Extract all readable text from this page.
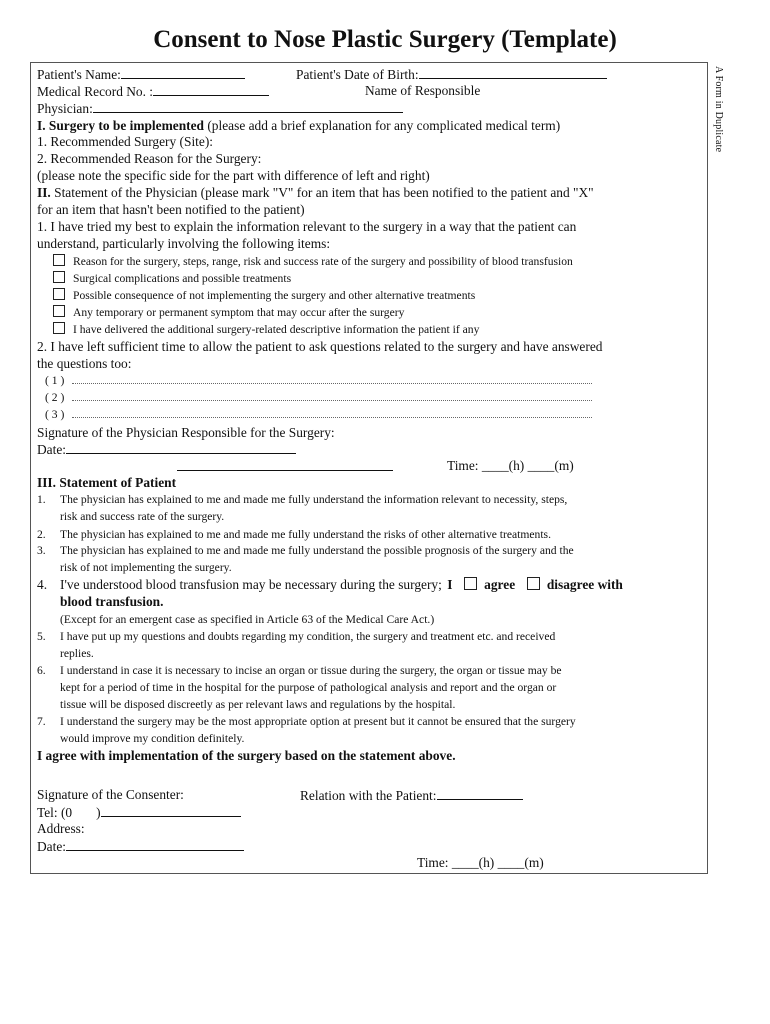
Consent to Nose Plastic Surgery (Template)
A Form in Duplicate
Patient's Name:	Patient's Date of Birth:
Medical Record No. :	Name of Responsible
Physician:
I. Surgery to be implemented (please add a brief explanation for any complicated medical term)
1. Recommended Surgery (Site):
2. Recommended Reason for the Surgery:
(please note the specific side for the part with difference of left and right)
II. Statement of the Physician (please mark "V" for an item that has been notified to the patient and "X"
for an item that hasn't been notified to the patient)
1. I have tried my best to explain the information relevant to the surgery in a way that the patient can
understand, particularly involving the following items:
Reason for the surgery, steps, range, risk and success rate of the surgery and possibility of blood transfusion
Surgical complications and possible treatments
Possible consequence of not implementing the surgery and other alternative treatments
Any temporary or permanent symptom that may occur after the surgery
I have delivered the additional surgery-related descriptive information the patient if any
2. I have left sufficient time to allow the patient to ask questions related to the surgery and have answered
the questions too:
( 1 )
( 2 )
( 3 )
Signature of the Physician Responsible for the Surgery:
Date:
Time: ____(h) ____(m)
III. Statement of Patient
1. The physician has explained to me and made me fully understand the information relevant to necessity, steps,
risk and success rate of the surgery.
2. The physician has explained to me and made me fully understand the risks of other alternative treatments.
3. The physician has explained to me and made me fully understand the possible prognosis of the surgery and the
risk of not implementing the surgery.
4. I've understood blood transfusion may be necessary during the surgery; I agree disagree with
blood transfusion.
(Except for an emergent case as specified in Article 63 of the Medical Care Act.)
5. I have put up my questions and doubts regarding my condition, the surgery and treatment etc. and received
replies.
6. I understand in case it is necessary to incise an organ or tissue during the surgery, the organ or tissue may be
kept for a period of time in the hospital for the purpose of pathological analysis and report and the organ or
tissue will be disposed discreetly as per relevant laws and regulations by the hospital.
7. I understand the surgery may be the most appropriate option at present but it cannot be ensured that the surgery
would improve my condition definitely.
I agree with implementation of the surgery based on the statement above.
Signature of the Consenter:	Relation with the Patient:
Tel: (0 )
Address:
Date:
Time: ____(h) ____(m)
